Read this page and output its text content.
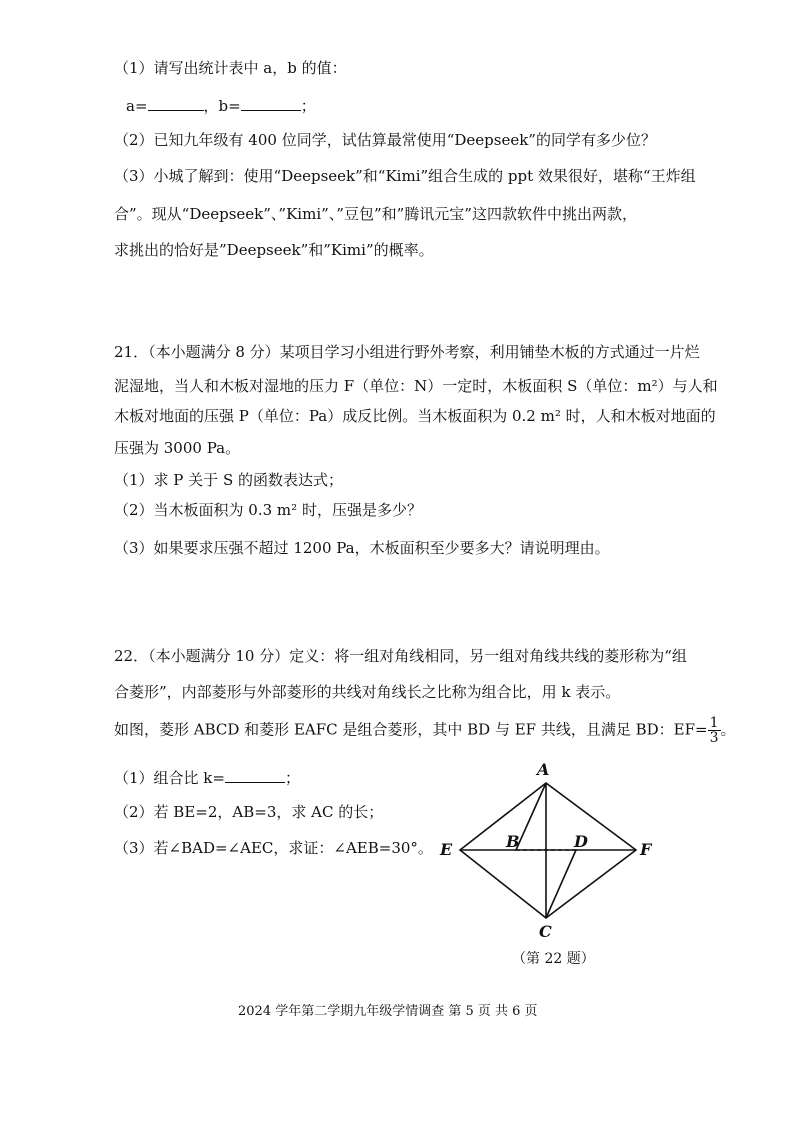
（1）请写出统计表中 a，b 的值：
a=	，b=	；
（2）已知九年级有 400 位同学，试估算最常使用“Deepseek”的同学有多少位？
（3）小城了解到：使用“Deepseek”和“Kimi”组合生成的 ppt 效果很好，堪称“王炸组
合”。现从“Deepseek”、”Kimi”、”豆包”和”腾讯元宝”这四款软件中挑出两款，
求挑出的恰好是”Deepseek”和”Kimi”的概率。
21．（本小题满分 8 分）某项目学习小组进行野外考察，利用铺垫木板的方式通过一片烂
泥湿地，当人和木板对湿地的压力 F（单位：N）一定时，木板面积 S（单位：m²）与人和
木板对地面的压强 P（单位：Pa）成反比例。当木板面积为 0.2 m² 时，人和木板对地面的
压强为 3000 Pa。
（1）求 P 关于 S 的函数表达式；
（2）当木板面积为 0.3 m² 时，压强是多少？
（3）如果要求压强不超过 1200 Pa，木板面积至少要多大？请说明理由。
22．（本小题满分 10 分）定义：将一组对角线相同，另一组对角线共线的菱形称为“组
合菱形”，内部菱形与外部菱形的共线对角线长之比称为组合比，用 k 表示。
如图，菱形 ABCD 和菱形 EAFC 是组合菱形，其中 BD 与 EF 共线，且满足 BD：$EF= \frac{1}{3}$ 。
（1）组合比 k=	；
（2）若 BE=2，AB=3，求 AC 的长；
（3）若∠BAD=∠AEC，求证：∠AEB=30°。
A
B	D
E	F
C
（第 22 题）
2024 学年第二学期九年级学情调查 第 5 页 共 6 页
